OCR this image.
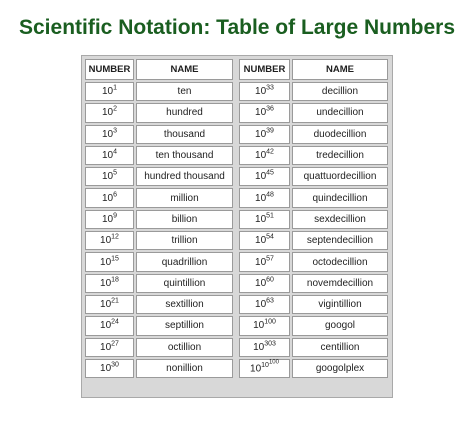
Scientific Notation: Table of Large Numbers
NUMBER	NAME
$10^1$	ten
$10^2$	hundred
$10^3$	thousand
$10^4$	ten thousand
$10^5$	hundred thousand
$10^6$	million
$10^9$	billion
$10^{12}$	trillion
$10^{15}$	quadrillion
$10^{18}$	quintillion
$10^{21}$	sextillion
$10^{24}$	septillion
$10^{27}$	octillion
$10^{30}$	nonillion
NUMBER	NAME
$10^{33}$	decillion
$10^{36}$	undecillion
$10^{39}$	duodecillion
$10^{42}$	tredecillion
$10^{45}$	quattuordecillion
$10^{48}$	quindecillion
$10^{51}$	sexdecillion
$10^{54}$	septendecillion
$10^{57}$	octodecillion
$10^{60}$	novemdecillion
$10^{63}$	vigintillion
$10^{100}$	googol
$10^{303}$	centillion
$10^{10^{100}}$	googolplex
